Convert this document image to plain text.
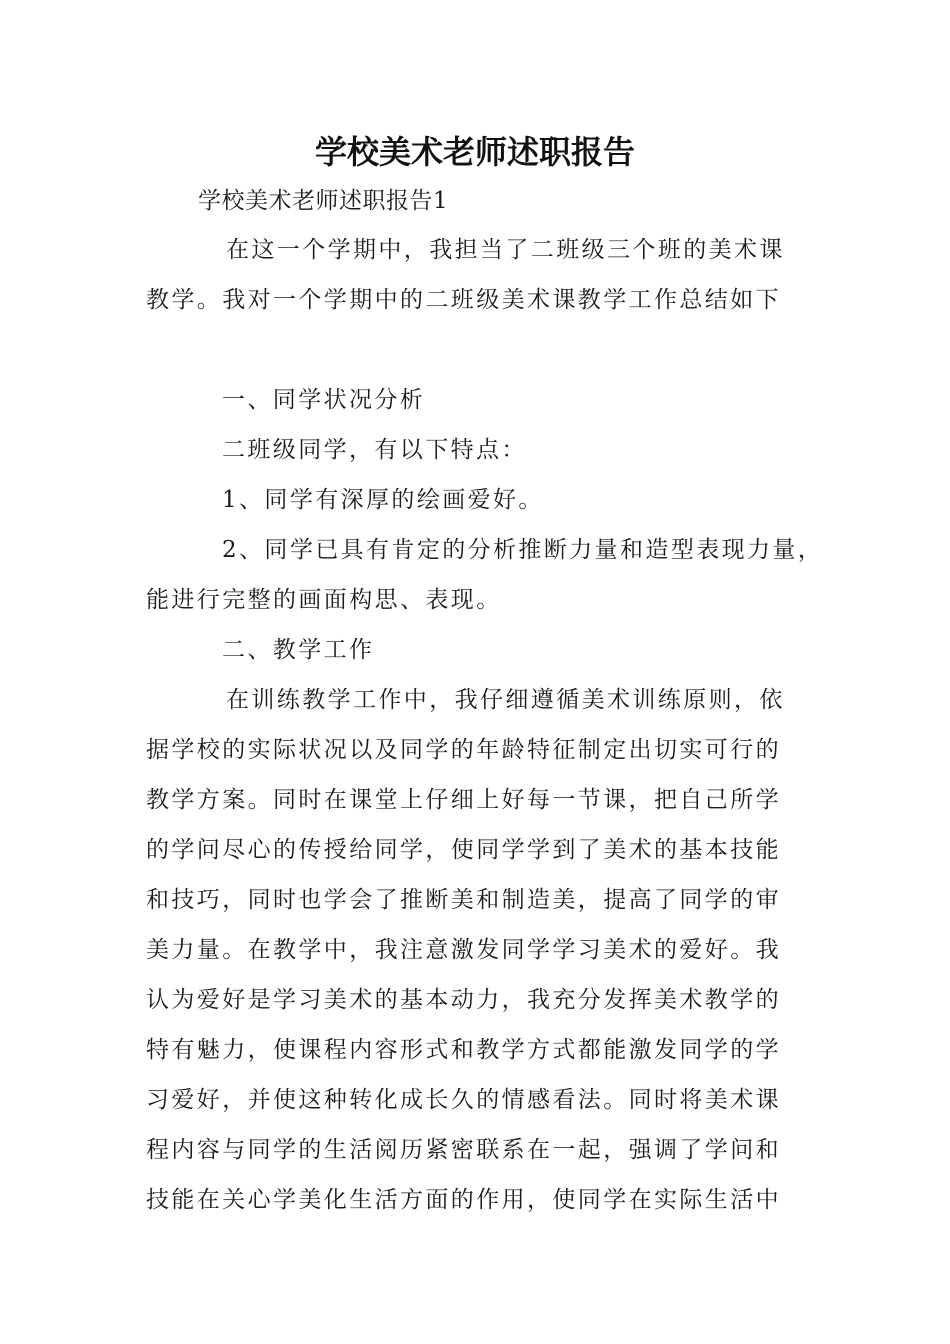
学校美术老师述职报告
学校美术老师述职报告1
在这一个学期中，我担当了二班级三个班的美术课
教学。我对一个学期中的二班级美术课教学工作总结如下
一、同学状况分析
二班级同学，有以下特点：
1、同学有深厚的绘画爱好。
2、同学已具有肯定的分析推断力量和造型表现力量，
能进行完整的画面构思、表现。
二、教学工作
在训练教学工作中，我仔细遵循美术训练原则，依
据学校的实际状况以及同学的年龄特征制定出切实可行的
教学方案。同时在课堂上仔细上好每一节课，把自己所学
的学问尽心的传授给同学，使同学学到了美术的基本技能
和技巧，同时也学会了推断美和制造美，提高了同学的审
美力量。在教学中，我注意激发同学学习美术的爱好。我
认为爱好是学习美术的基本动力，我充分发挥美术教学的
特有魅力，使课程内容形式和教学方式都能激发同学的学
习爱好，并使这种转化成长久的情感看法。同时将美术课
程内容与同学的生活阅历紧密联系在一起，强调了学问和
技能在关心学美化生活方面的作用，使同学在实际生活中
